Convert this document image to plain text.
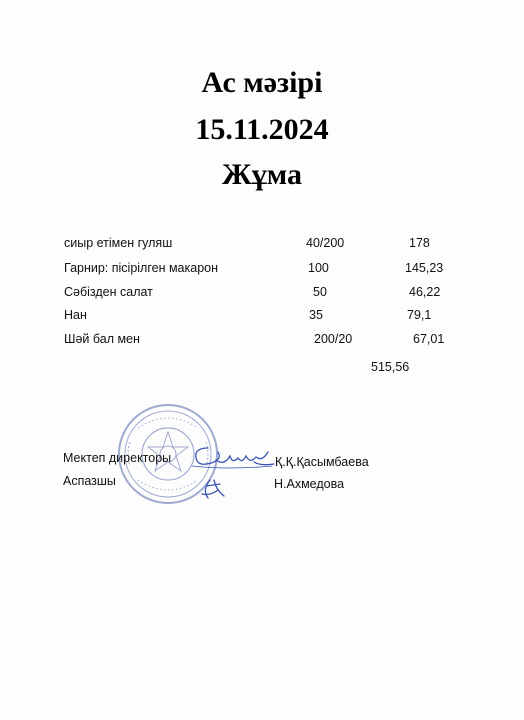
Ас мәзірі
15.11.2024
Жұма
сиыр етімен гуляш	40/200	178
Гарнир: пісірілген макарон	100	145,23
Сәбізден салат	50	46,22
Нан	35	79,1
Шәй бал мен	200/20	67,01
515,56
Мектеп директоры	Қ.Қ.Қасымбаева
Аспазшы	Н.Ахмедова
